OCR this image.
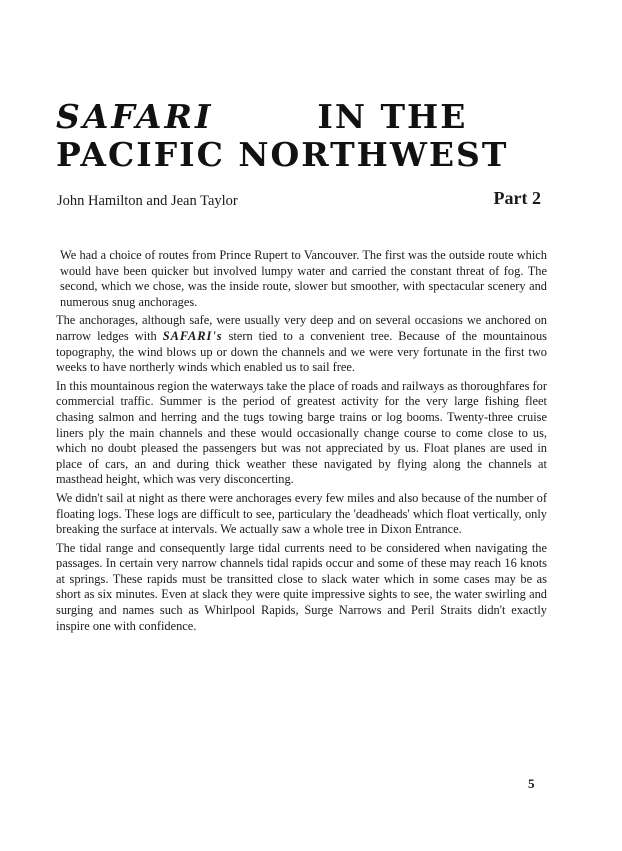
SAFARI	IN THE
PACIFIC NORTHWEST
John Hamilton and Jean Taylor	Part 2

We had a choice of routes from Prince Rupert to Vancouver. The first was the outside route which would have been quicker but involved lumpy water and carried the constant threat of fog. The second, which we chose, was the inside route, slower but smoother, with spectacular scenery and numerous snug anchorages.

The anchorages, although safe, were usually very deep and on several occasions we anchored on narrow ledges with SAFARI's stern tied to a convenient tree. Because of the mountainous topography, the wind blows up or down the channels and we were very fortunate in the first two weeks to have northerly winds which enabled us to sail free.

In this mountainous region the waterways take the place of roads and railways as thoroughfares for commercial traffic. Summer is the period of greatest activity for the very large fishing fleet chasing salmon and herring and the tugs towing barge trains or log booms. Twenty-three cruise liners ply the main channels and these would occasionally change course to come close to us, which no doubt pleased the passengers but was not appreciated by us. Float planes are used in place of cars, an and during thick weather these navigated by flying along the channels at masthead height, which was very disconcerting.

We didn't sail at night as there were anchorages every few miles and also because of the number of floating logs. These logs are difficult to see, particulary the 'deadheads' which float vertically, only breaking the surface at intervals. We actually saw a whole tree in Dixon Entrance.

The tidal range and consequently large tidal currents need to be considered when navigating the passages. In certain very narrow channels tidal rapids occur and some of these may reach 16 knots at springs. These rapids must be transitted close to slack water which in some cases may be as short as six minutes. Even at slack they were quite impressive sights to see, the water swirling and surging and names such as Whirlpool Rapids, Surge Narrows and Peril Straits didn't exactly inspire one with confidence.

5
